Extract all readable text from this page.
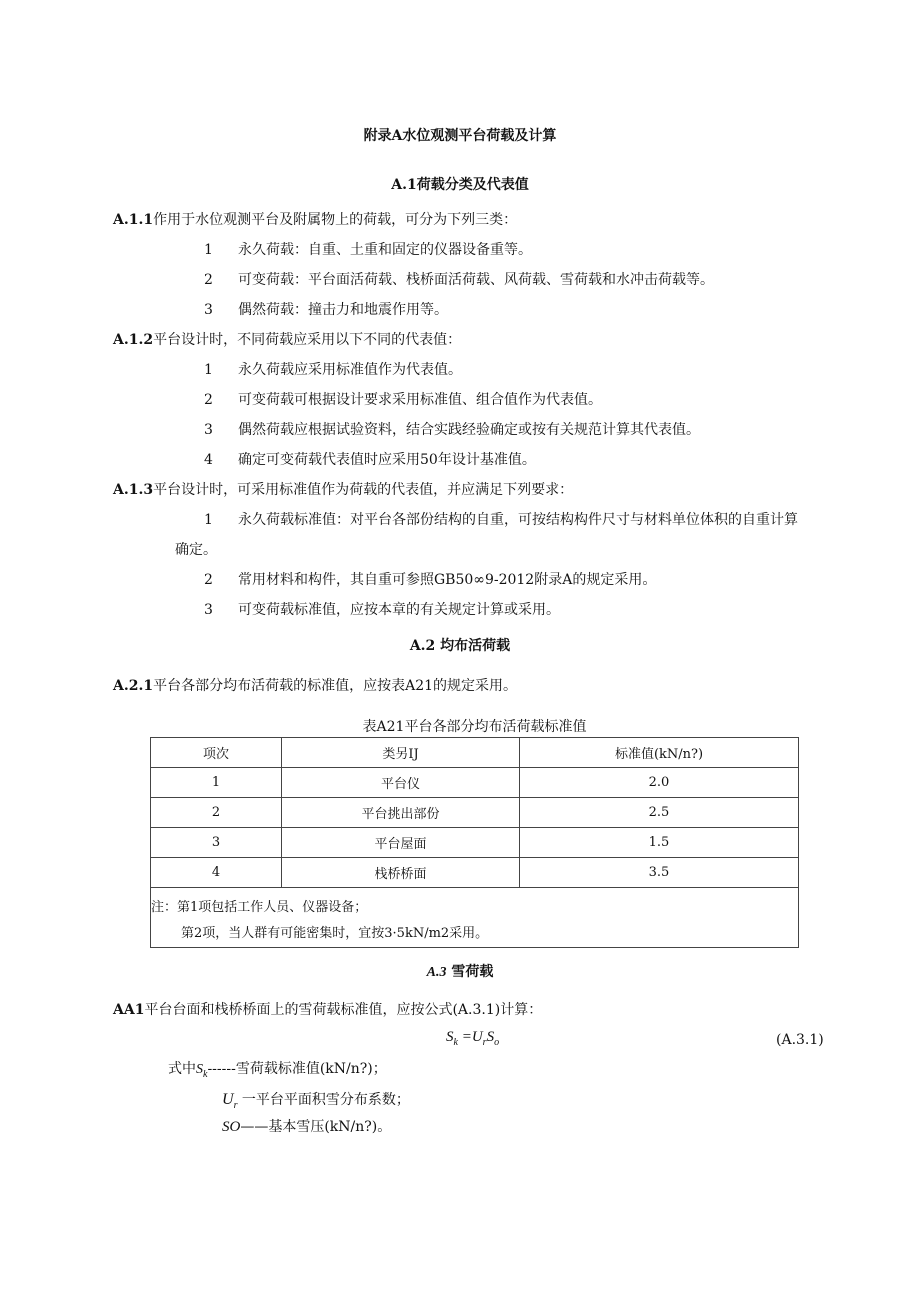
附录A水位观测平台荷载及计算
A.1荷载分类及代表值
A.1.1作用于水位观测平台及附属物上的荷载，可分为下列三类：
1 永久荷载：自重、土重和固定的仪器设备重等。
2 可变荷载：平台面活荷载、栈桥面活荷载、风荷载、雪荷载和水冲击荷载等。
3 偶然荷载：撞击力和地震作用等。
A.1.2平台设计时，不同荷载应采用以下不同的代表值：
1 永久荷载应采用标准值作为代表值。
2 可变荷载可根据设计要求采用标准值、组合值作为代表值。
3 偶然荷载应根据试验资料，结合实践经验确定或按有关规范计算其代表值。
4 确定可变荷载代表值时应采用50年设计基准值。
A.1.3平台设计时，可采用标准值作为荷载的代表值，并应满足下列要求：
1 永久荷载标准值：对平台各部份结构的自重，可按结构构件尺寸与材料单位体积的自重计算
确定。
2 常用材料和构件，其自重可参照GB50∞9-2012附录A的规定采用。
3 可变荷载标准值，应按本章的有关规定计算或采用。
A.2 均布活荷载
A.2.1平台各部分均布活荷载的标准值，应按表A21的规定采用。
表A21平台各部分均布活荷载标准值
项次	类另IJ	标准值(kN/n?)
1	平台仪	2.0
2	平台挑出部份	2.5
3	平台屋面	1.5
4	栈桥桥面	3.5

注：第1项包括工作人员、仪器设备；
第2项，当人群有可能密集时，宜按3·5kN∕m2采用。		
A.3 雪荷载
AA1平台台面和栈桥桥面上的雪荷载标准值，应按公式(A.3.1)计算：
$S_k =U_rS_o$	(A.3.1)
式中$S_k------$雪荷载标准值(kN/n?)；
$U_r$ 一平台平面积雪分布系数；
SO——基本雪压(kN/n?)。
